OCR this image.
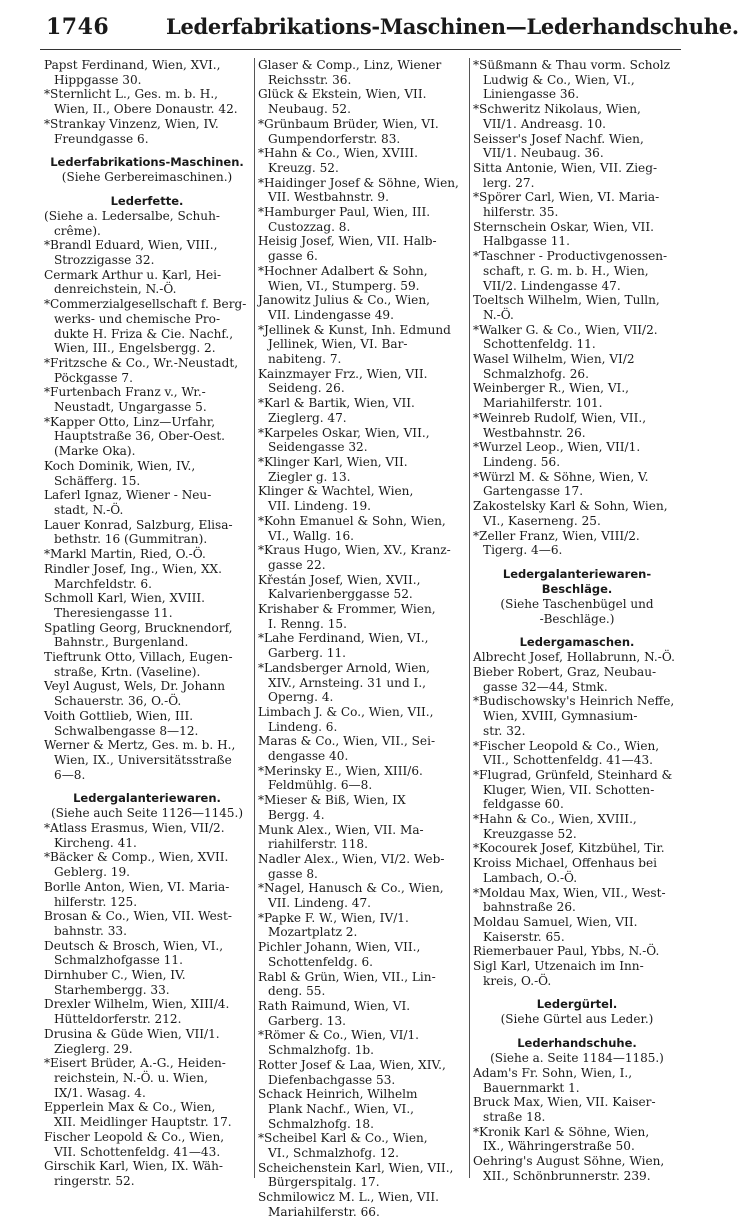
1746	Lederfabrikations-Maschinen—Lederhandschuhe.
Papst Ferdinand, Wien, XVI.,
Hippgasse 30.
*Sternlicht L., Ges. m. b. H.,
Wien, II., Obere Donaustr. 42.
*Strankay Vinzenz, Wien, IV.
Freundgasse 6.
Lederfabrikations-Maschinen.
(Siehe Gerbereimaschinen.)
Lederfette.
(Siehe a. Ledersalbe, Schuh-
crême).
*Brandl Eduard, Wien, VIII.,
Strozzigasse 32.
Cermark Arthur u. Karl, Hei-
denreichstein, N.-Ö.
*Commerzialgesellschaft f. Berg-
werks- und chemische Pro-
dukte H. Friza & Cie. Nachf.,
Wien, III., Engelsbergg. 2.
*Fritzsche & Co., Wr.-Neustadt,
Pöckgasse 7.
*Furtenbach Franz v., Wr.-
Neustadt, Ungargasse 5.
*Kapper Otto, Linz—Urfahr,
Hauptstraße 36, Ober-Oest.
(Marke Oka).
Koch Dominik, Wien, IV.,
Schäfferg. 15.
Laferl Ignaz, Wiener - Neu-
stadt, N.-Ö.
Lauer Konrad, Salzburg, Elisa-
bethstr. 16 (Gummitran).
*Markl Martin, Ried, O.-Ö.
Rindler Josef, Ing., Wien, XX.
Marchfeldstr. 6.
Schmoll Karl, Wien, XVIII.
Theresiengasse 11.
Spatling Georg, Brucknendorf,
Bahnstr., Burgenland.
Tieftrunk Otto, Villach, Eugen-
straße, Krtn. (Vaseline).
Veyl August, Wels, Dr. Johann
Schauerstr. 36, O.-Ö.
Voith Gottlieb, Wien, III.
Schwalbengasse 8—12.
Werner & Mertz, Ges. m. b. H.,
Wien, IX., Universitätsstraße
6—8.
Ledergalanteriewaren.
(Siehe auch Seite 1126—1145.)
*Atlass Erasmus, Wien, VII/2.
Kircheng. 41.
*Bäcker & Comp., Wien, XVII.
Geblerg. 19.
Borlle Anton, Wien, VI. Maria-
hilferstr. 125.
Brosan & Co., Wien, VII. West-
bahnstr. 33.
Deutsch & Brosch, Wien, VI.,
Schmalzhofgasse 11.
Dirnhuber C., Wien, IV.
Starhembergg. 33.
Drexler Wilhelm, Wien, XIII/4.
Hütteldorferstr. 212.
Drusina & Güde Wien, VII/1.
Zieglerg. 29.
*Eisert Brüder, A.-G., Heiden-
reichstein, N.-Ö. u. Wien,
IX/1. Wasag. 4.
Epperlein Max & Co., Wien,
XII. Meidlinger Hauptstr. 17.
Fischer Leopold & Co., Wien,
VII. Schottenfeldg. 41—43.
Girschik Karl, Wien, IX. Wäh-
ringerstr. 52.
Glaser & Comp., Linz, Wiener
Reichsstr. 36.
Glück & Ekstein, Wien, VII.
Neubaug. 52.
*Grünbaum Brüder, Wien, VI.
Gumpendorferstr. 83.
*Hahn & Co., Wien, XVIII.
Kreuzg. 52.
*Haidinger Josef & Söhne, Wien,
VII. Westbahnstr. 9.
*Hamburger Paul, Wien, III.
Custozzag. 8.
Heisig Josef, Wien, VII. Halb-
gasse 6.
*Hochner Adalbert & Sohn,
Wien, VI., Stumperg. 59.
Janowitz Julius & Co., Wien,
VII. Lindengasse 49.
*Jellinek & Kunst, Inh. Edmund
Jellinek, Wien, VI. Bar-
nabiteng. 7.
Kainzmayer Frz., Wien, VII.
Seideng. 26.
*Karl & Bartik, Wien, VII.
Zieglerg. 47.
*Karpeles Oskar, Wien, VII.,
Seidengasse 32.
*Klinger Karl, Wien, VII.
Ziegler g. 13.
Klinger & Wachtel, Wien,
VII. Lindeng. 19.
*Kohn Emanuel & Sohn, Wien,
VI., Wallg. 16.
*Kraus Hugo, Wien, XV., Kranz-
gasse 22.
Křestán Josef, Wien, XVII.,
Kalvarienberggasse 52.
Krishaber & Frommer, Wien,
I. Renng. 15.
*Lahe Ferdinand, Wien, VI.,
Garberg. 11.
*Landsberger Arnold, Wien,
XIV., Arnsteing. 31 und I.,
Operng. 4.
Limbach J. & Co., Wien, VII.,
Lindeng. 6.
Maras & Co., Wien, VII., Sei-
dengasse 40.
*Merinsky E., Wien, XIII/6.
Feldmühlg. 6—8.
*Mieser & Biß, Wien, IX
Bergg. 4.
Munk Alex., Wien, VII. Ma-
riahilferstr. 118.
Nadler Alex., Wien, VI/2. Web-
gasse 8.
*Nagel, Hanusch & Co., Wien,
VII. Lindeng. 47.
*Papke F. W., Wien, IV/1.
Mozartplatz 2.
Pichler Johann, Wien, VII.,
Schottenfeldg. 6.
Rabl & Grün, Wien, VII., Lin-
deng. 55.
Rath Raimund, Wien, VI.
Garberg. 13.
*Römer & Co., Wien, VI/1.
Schmalzhofg. 1b.
Rotter Josef & Laa, Wien, XIV.,
Diefenbachgasse 53.
Schack Heinrich, Wilhelm
Plank Nachf., Wien, VI.,
Schmalzhofg. 18.
*Scheibel Karl & Co., Wien,
VI., Schmalzhofg. 12.
Scheichenstein Karl, Wien, VII.,
Bürgerspitalg. 17.
Schmilowicz M. L., Wien, VII.
Mariahilferstr. 66.
*Süßmann & Thau vorm. Scholz
Ludwig & Co., Wien, VI.,
Liniengasse 36.
*Schweritz Nikolaus, Wien,
VII/1. Andreasg. 10.
Seisser's Josef Nachf. Wien,
VII/1. Neubaug. 36.
Sitta Antonie, Wien, VII. Zieg-
lerg. 27.
*Spörer Carl, Wien, VI. Maria-
hilferstr. 35.
Sternschein Oskar, Wien, VII.
Halbgasse 11.
*Taschner - Productivgenossen-
schaft, r. G. m. b. H., Wien,
VII/2. Lindengasse 47.
Toeltsch Wilhelm, Wien, Tulln, N.-Ö.
*Walker G. & Co., Wien, VII/2.
Schottenfeldg. 11.
Wasel Wilhelm, Wien, VI/2
Schmalzhofg. 26.
Weinberger R., Wien, VI.,
Mariahilferstr. 101.
*Weinreb Rudolf, Wien, VII.,
Westbahnstr. 26.
*Wurzel Leop., Wien, VII/1.
Lindeng. 56.
*Würzl M. & Söhne, Wien, V.
Gartengasse 17.
Zakostelsky Karl & Sohn, Wien,
VI., Kaserneng. 25.
*Zeller Franz, Wien, VIII/2.
Tigerg. 4—6.
Ledergalanteriewaren-
Beschläge.
(Siehe Taschenbügel und
-Beschläge.)
Ledergamaschen.
Albrecht Josef, Hollabrunn, N.-Ö.
Bieber Robert, Graz, Neubau-
gasse 32—44, Stmk.
*Budischowsky's Heinrich Neffe,
Wien, XVIII, Gymnasium-
str. 32.
*Fischer Leopold & Co., Wien,
VII., Schottenfeldg. 41—43.
*Flugrad, Grünfeld, Steinhard &
Kluger, Wien, VII. Schotten-
feldgasse 60.
*Hahn & Co., Wien, XVIII.,
Kreuzgasse 52.
*Kocourek Josef, Kitzbühel, Tir.
Kroiss Michael, Offenhaus bei
Lambach, O.-Ö.
*Moldau Max, Wien, VII., West-
bahnstraße 26.
Moldau Samuel, Wien, VII.
Kaiserstr. 65.
Riemerbauer Paul, Ybbs, N.-Ö.
Sigl Karl, Utzenaich im Inn-
kreis, O.-Ö.
Ledergürtel.
(Siehe Gürtel aus Leder.)
Lederhandschuhe.
(Siehe a. Seite 1184—1185.)
Adam's Fr. Sohn, Wien, I.,
Bauernmarkt 1.
Bruck Max, Wien, VII. Kaiser-
straße 18.
*Kronik Karl & Söhne, Wien,
IX., Währingerstraße 50.
Oehring's August Söhne, Wien,
XII., Schönbrunnerstr. 239.
